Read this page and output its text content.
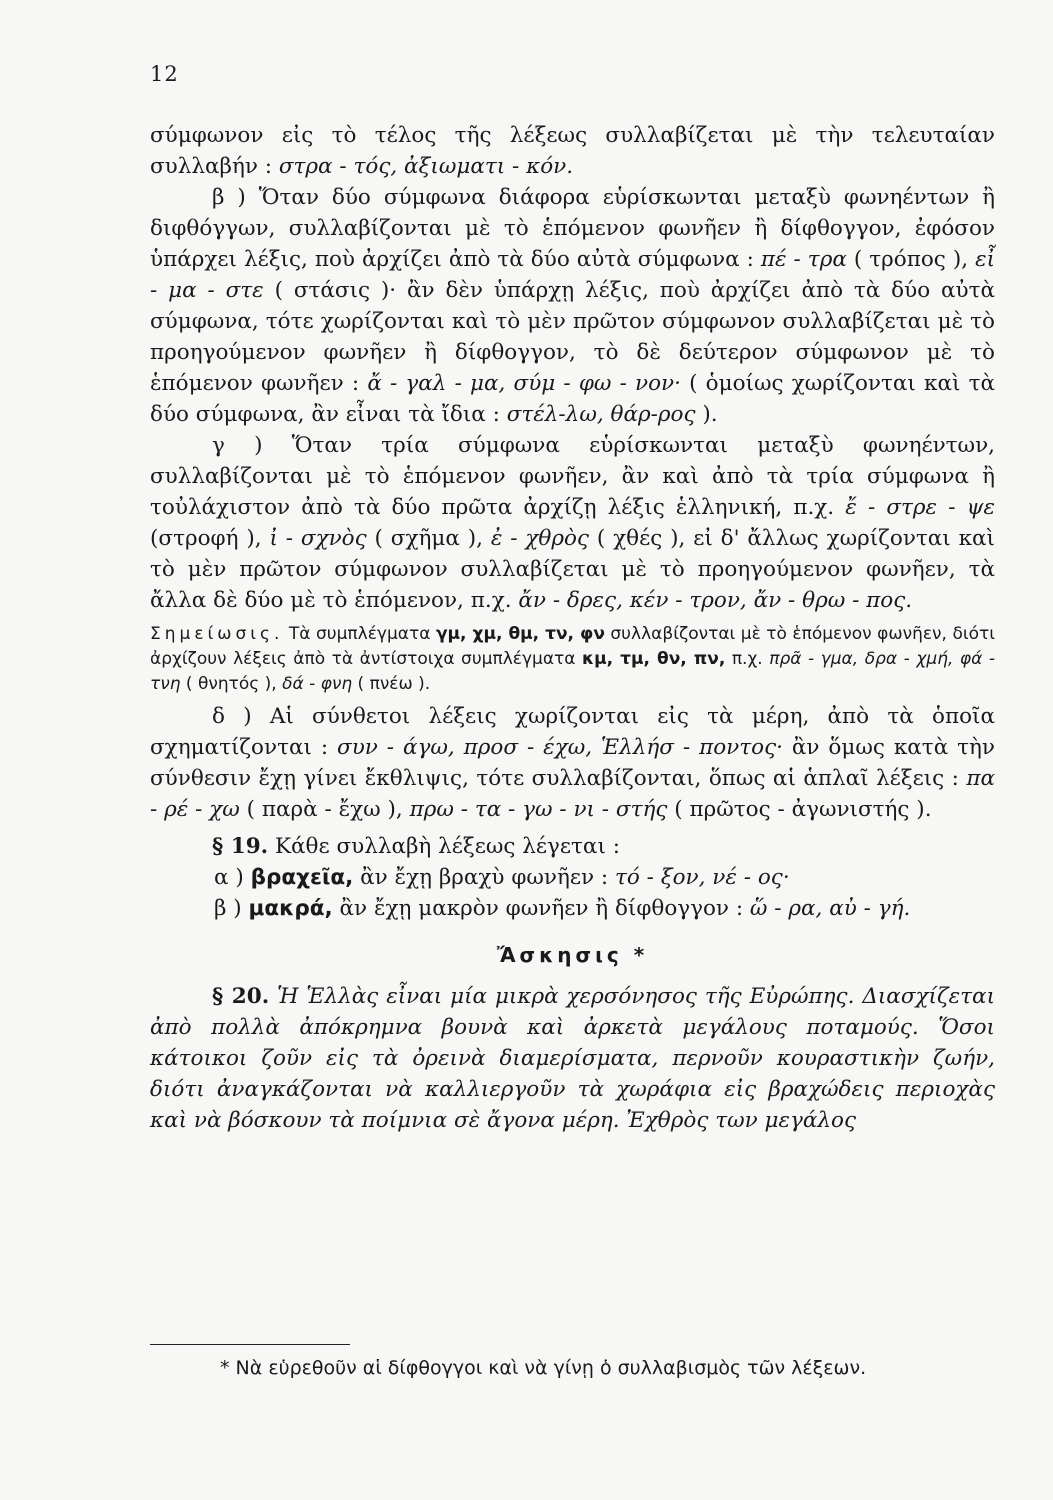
12

σύμφωνον εἰς τὸ τέλος τῆς λέξεως συλλαβίζεται μὲ τὴν τελευταίαν συλλαβήν : στρα - τός, ἀξιωματι - κόν.

β ) Ὅταν δύο σύμφωνα διάφορα εὑρίσκωνται μεταξὺ φωνηέντων ἢ διφθόγγων, συλλαβίζονται μὲ τὸ ἑπόμενον φωνῆεν ἢ δίφθογγον, ἐφόσον ὑπάρχει λέξις, ποὺ ἀρχίζει ἀπὸ τὰ δύο αὐτὰ σύμφωνα : πέ - τρα ( τρόπος ), εἶ - μα - στε ( στάσις )· ἂν δὲν ὑπάρχῃ λέξις, ποὺ ἀρχίζει ἀπὸ τὰ δύο αὐτὰ σύμφωνα, τότε χωρίζονται καὶ τὸ μὲν πρῶτον σύμφωνον συλλαβίζεται μὲ τὸ προηγούμενον φωνῆεν ἢ δίφθογγον, τὸ δὲ δεύτερον σύμφωνον μὲ τὸ ἑπόμενον φωνῆεν : ἄ - γαλ - μα, σύμ - φω - νον· ( ὁμοίως χωρίζονται καὶ τὰ δύο σύμφωνα, ἂν εἶναι τὰ ἴδια : στέλ-λω, θάρ-ρος ).

γ ) Ὅταν τρία σύμφωνα εὑρίσκωνται μεταξὺ φωνηέντων, συλλαβίζονται μὲ τὸ ἑπόμενον φωνῆεν, ἂν καὶ ἀπὸ τὰ τρία σύμφωνα ἢ τοὐλάχιστον ἀπὸ τὰ δύο πρῶτα ἀρχίζῃ λέξις ἑλληνική, π.χ. ἔ - στρε - ψε (στροφή ), ἰ - σχνὸς ( σχῆμα ), ἐ - χθρὸς ( χθές ), εἰ δ' ἄλλως χωρίζονται καὶ τὸ μὲν πρῶτον σύμφωνον συλλαβίζεται μὲ τὸ προηγούμενον φωνῆεν, τὰ ἄλλα δὲ δύο μὲ τὸ ἑπόμενον, π.χ. ἄν - δρες, κέν - τρον, ἄν - θρω - πος.

Σημείωσις. Τὰ συμπλέγματα γμ, χμ, θμ, τν, φν συλλαβίζονται μὲ τὸ ἑπόμενον φωνῆεν, διότι ἀρχίζουν λέξεις ἀπὸ τὰ ἀντίστοιχα συμπλέγματα κμ, τμ, θν, πν, π.χ. πρᾶ - γμα, δρα - χμή, φά - τνη ( θνητός ), δά - φνη ( πνέω ).

δ ) Αἱ σύνθετοι λέξεις χωρίζονται εἰς τὰ μέρη, ἀπὸ τὰ ὁποῖα σχηματίζονται : συν - άγω, προσ - έχω, Ἑλλήσ - ποντος· ἂν ὅμως κατὰ τὴν σύνθεσιν ἔχῃ γίνει ἔκθλιψις, τότε συλλαβίζονται, ὅπως αἱ ἁπλαῖ λέξεις : πα - ρέ - χω ( παρὰ - ἔχω ), πρω - τα - γω - νι - στής ( πρῶτος - ἀγωνιστής ).

§ 19. Κάθε συλλαβὴ λέξεως λέγεται :

α ) βραχεῖα, ἂν ἔχῃ βραχὺ φωνῆεν : τό - ξον, νέ - ος·

β ) μακρά, ἂν ἔχῃ μακρὸν φωνῆεν ἢ δίφθογγον : ὥ - ρα, αὐ - γή.

Ἄσκησις *

§ 20. Ἡ Ἑλλὰς εἶναι μία μικρὰ χερσόνησος τῆς Εὐρώπης. Διασχίζεται ἀπὸ πολλὰ ἀπόκρημνα βουνὰ καὶ ἀρκετὰ μεγάλους ποταμούς. Ὅσοι κάτοικοι ζοῦν εἰς τὰ ὀρεινὰ διαμερίσματα, περνοῦν κουραστικὴν ζωήν, διότι ἀναγκάζονται νὰ καλλιεργοῦν τὰ χωράφια εἰς βραχώδεις περιοχὰς καὶ νὰ βόσκουν τὰ ποίμνια σὲ ἄγονα μέρη. Ἐχθρὸς των μεγάλος

* Νὰ εὑρεθοῦν αἱ δίφθογγοι καὶ νὰ γίνῃ ὁ συλλαβισμὸς τῶν λέξεων.
